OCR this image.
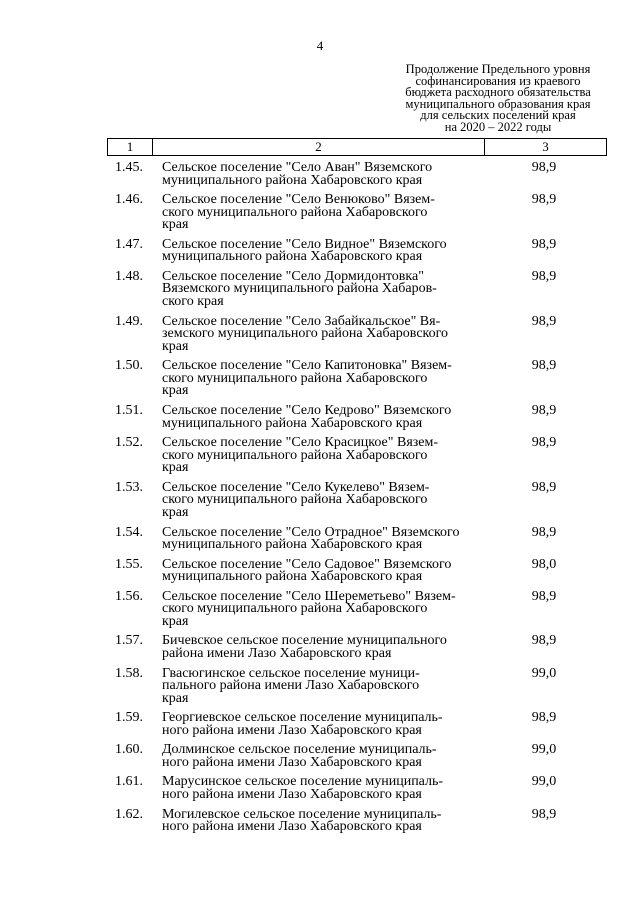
4
Продолжение Предельного уровня
софинансирования из краевого
бюджета расходного обязательства
муниципального образования края
для сельских поселений края
на 2020 – 2022 годы
1	2	3
1.45.	Сельское поселение "Село Аван" Вяземского
муниципального района Хабаровского края
98,9
1.46.	Сельское поселение "Село Венюково" Вязем-
ского муниципального района Хабаровского
края
98,9
1.47.	Сельское поселение "Село Видное" Вяземского
муниципального района Хабаровского края
98,9
1.48.	Сельское поселение "Село Дормидонтовка"
Вяземского муниципального района Хабаров-
ского края
98,9
1.49.	Сельское поселение "Село Забайкальское" Вя-
земского муниципального района Хабаровского
края
98,9
1.50.	Сельское поселение "Село Капитоновка" Вязем-
ского муниципального района Хабаровского
края
98,9
1.51.	Сельское поселение "Село Кедрово" Вяземского
муниципального района Хабаровского края
98,9
1.52.	Сельское поселение "Село Красицкое" Вязем-
ского муниципального района Хабаровского
края
98,9
1.53.	Сельское поселение "Село Кукелево" Вязем-
ского муниципального района Хабаровского
края
98,9
1.54.	Сельское поселение "Село Отрадное" Вяземского
муниципального района Хабаровского края
98,9
1.55.	Сельское поселение "Село Садовое" Вяземского
муниципального района Хабаровского края
98,0
1.56.	Сельское поселение "Село Шереметьево" Вязем-
ского муниципального района Хабаровского
края
98,9
1.57.	Бичевское сельское поселение муниципального
района имени Лазо Хабаровского края
98,9
1.58.	Гвасюгинское сельское поселение муници-
пального района имени Лазо Хабаровского
края
99,0
1.59.	Георгиевское сельское поселение муниципаль-
ного района имени Лазо Хабаровского края
98,9
1.60.	Долминское сельское поселение муниципаль-
ного района имени Лазо Хабаровского края
99,0
1.61.	Марусинское сельское поселение муниципаль-
ного района имени Лазо Хабаровского края
99,0
1.62.	Могилевское сельское поселение муниципаль-
ного района имени Лазо Хабаровского края
98,9
